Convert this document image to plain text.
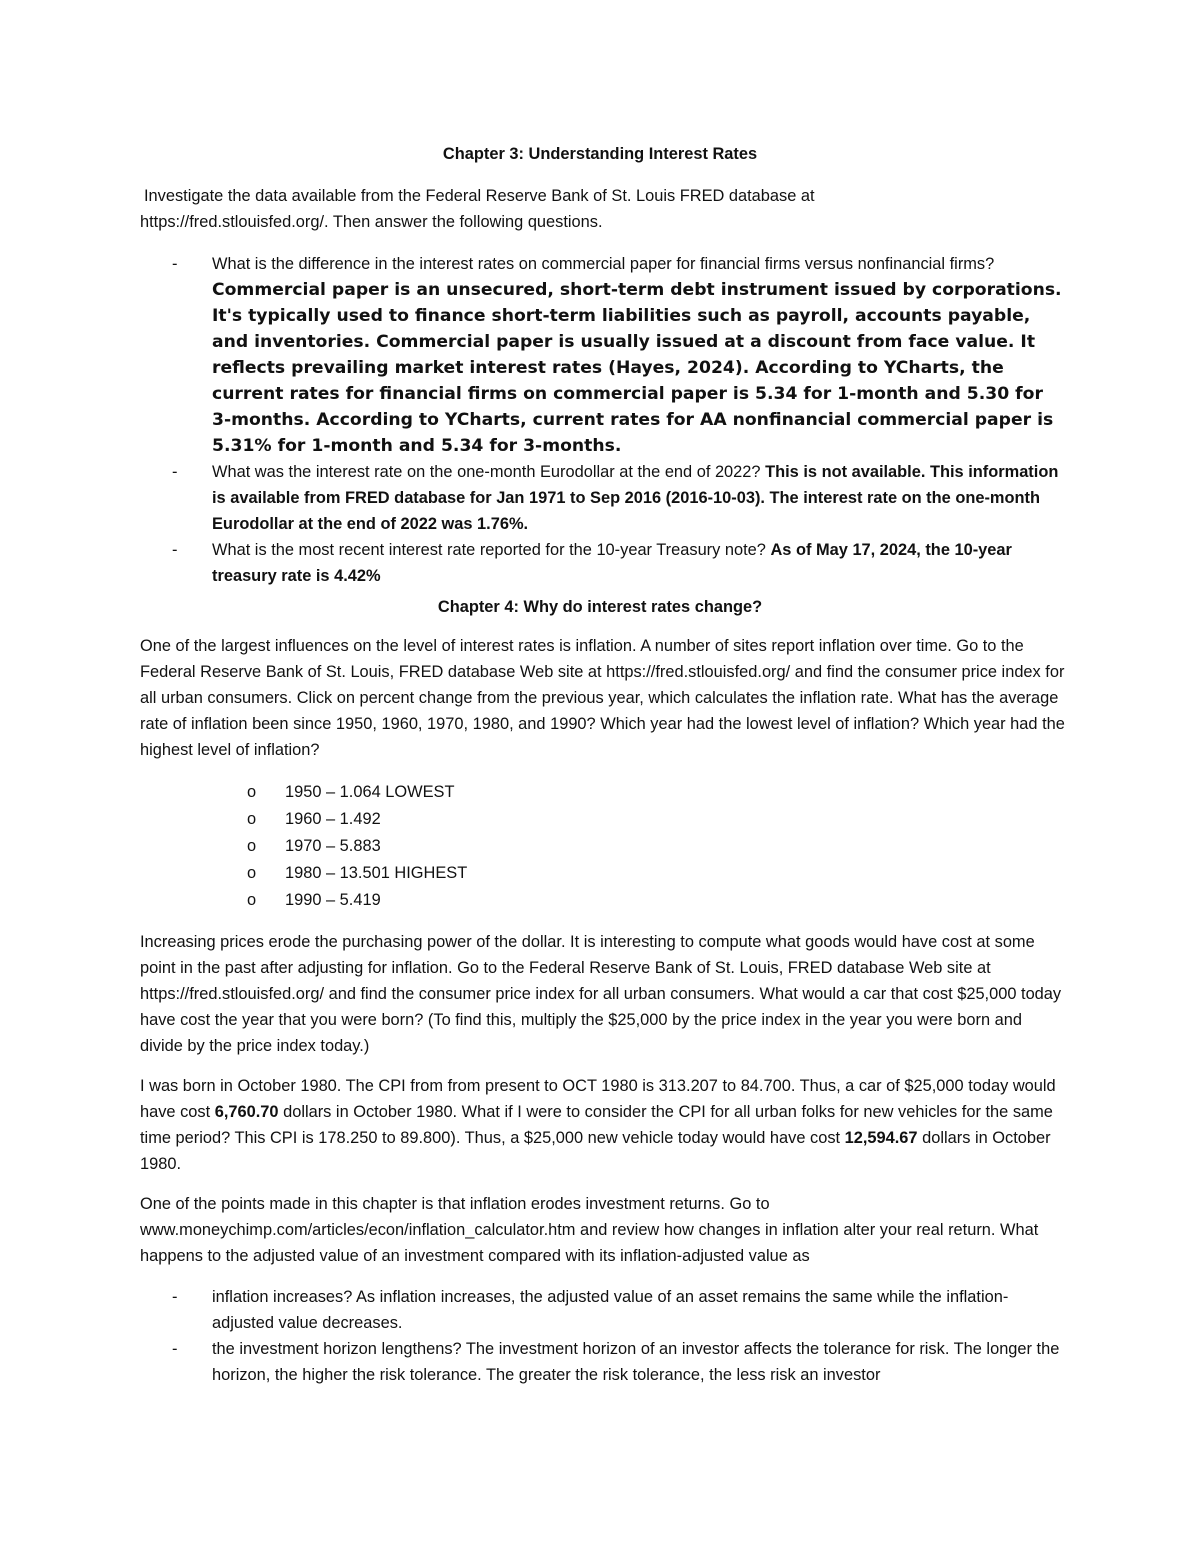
Chapter 3: Understanding Interest Rates

Investigate the data available from the Federal Reserve Bank of St. Louis FRED database at

https://fred.stlouisfed.org/. Then answer the following questions.

- What is the difference in the interest rates on commercial paper for financial firms versus nonfinancial firms? Commercial paper is an unsecured, short-term debt instrument issued by corporations. It's typically used to finance short-term liabilities such as payroll, accounts payable, and inventories. Commercial paper is usually issued at a discount from face value. It reflects prevailing market interest rates (Hayes, 2024). According to YCharts, the current rates for financial firms on commercial paper is 5.34 for 1-month and 5.30 for 3-months. According to YCharts, current rates for AA nonfinancial commercial paper is 5.31% for 1-month and 5.34 for 3-months.
- What was the interest rate on the one-month Eurodollar at the end of 2022? This is not available. This information is available from FRED database for Jan 1971 to Sep 2016 (2016-10-03). The interest rate on the one-month Eurodollar at the end of 2022 was 1.76%.
- What is the most recent interest rate reported for the 10-year Treasury note? As of May 17, 2024, the 10-year treasury rate is 4.42%
Chapter 4: Why do interest rates change?

One of the largest influences on the level of interest rates is inflation. A number of sites report inflation over time. Go to the Federal Reserve Bank of St. Louis, FRED database Web site at https://fred.stlouisfed.org/ and find the consumer price index for all urban consumers. Click on percent change from the previous year, which calculates the inflation rate. What has the average rate of inflation been since 1950, 1960, 1970, 1980, and 1990? Which year had the lowest level of inflation? Which year had the highest level of inflation?

o 1950 – 1.064 LOWEST
o 1960 – 1.492
o 1970 – 5.883
o 1980 – 13.501 HIGHEST
o 1990 – 5.419

Increasing prices erode the purchasing power of the dollar. It is interesting to compute what goods would have cost at some point in the past after adjusting for inflation. Go to the Federal Reserve Bank of St. Louis, FRED database Web site at https://fred.stlouisfed.org/ and find the consumer price index for all urban consumers. What would a car that cost $25,000 today have cost the year that you were born? (To find this, multiply the $25,000 by the price index in the year you were born and divide by the price index today.)

I was born in October 1980. The CPI from from present to OCT 1980 is 313.207 to 84.700. Thus, a car of $25,000 today would have cost 6,760.70 dollars in October 1980. What if I were to consider the CPI for all urban folks for new vehicles for the same time period? This CPI is 178.250 to 89.800). Thus, a $25,000 new vehicle today would have cost 12,594.67 dollars in October 1980.

One of the points made in this chapter is that inflation erodes investment returns. Go to www.moneychimp.com/articles/econ/inflation_calculator.htm and review how changes in inflation alter your real return. What happens to the adjusted value of an investment compared with its inflation-adjusted value as

- inflation increases? As inflation increases, the adjusted value of an asset remains the same while the inflation-adjusted value decreases.
- the investment horizon lengthens? The investment horizon of an investor affects the tolerance for risk. The longer the horizon, the higher the risk tolerance. The greater the risk tolerance, the less risk an investor
